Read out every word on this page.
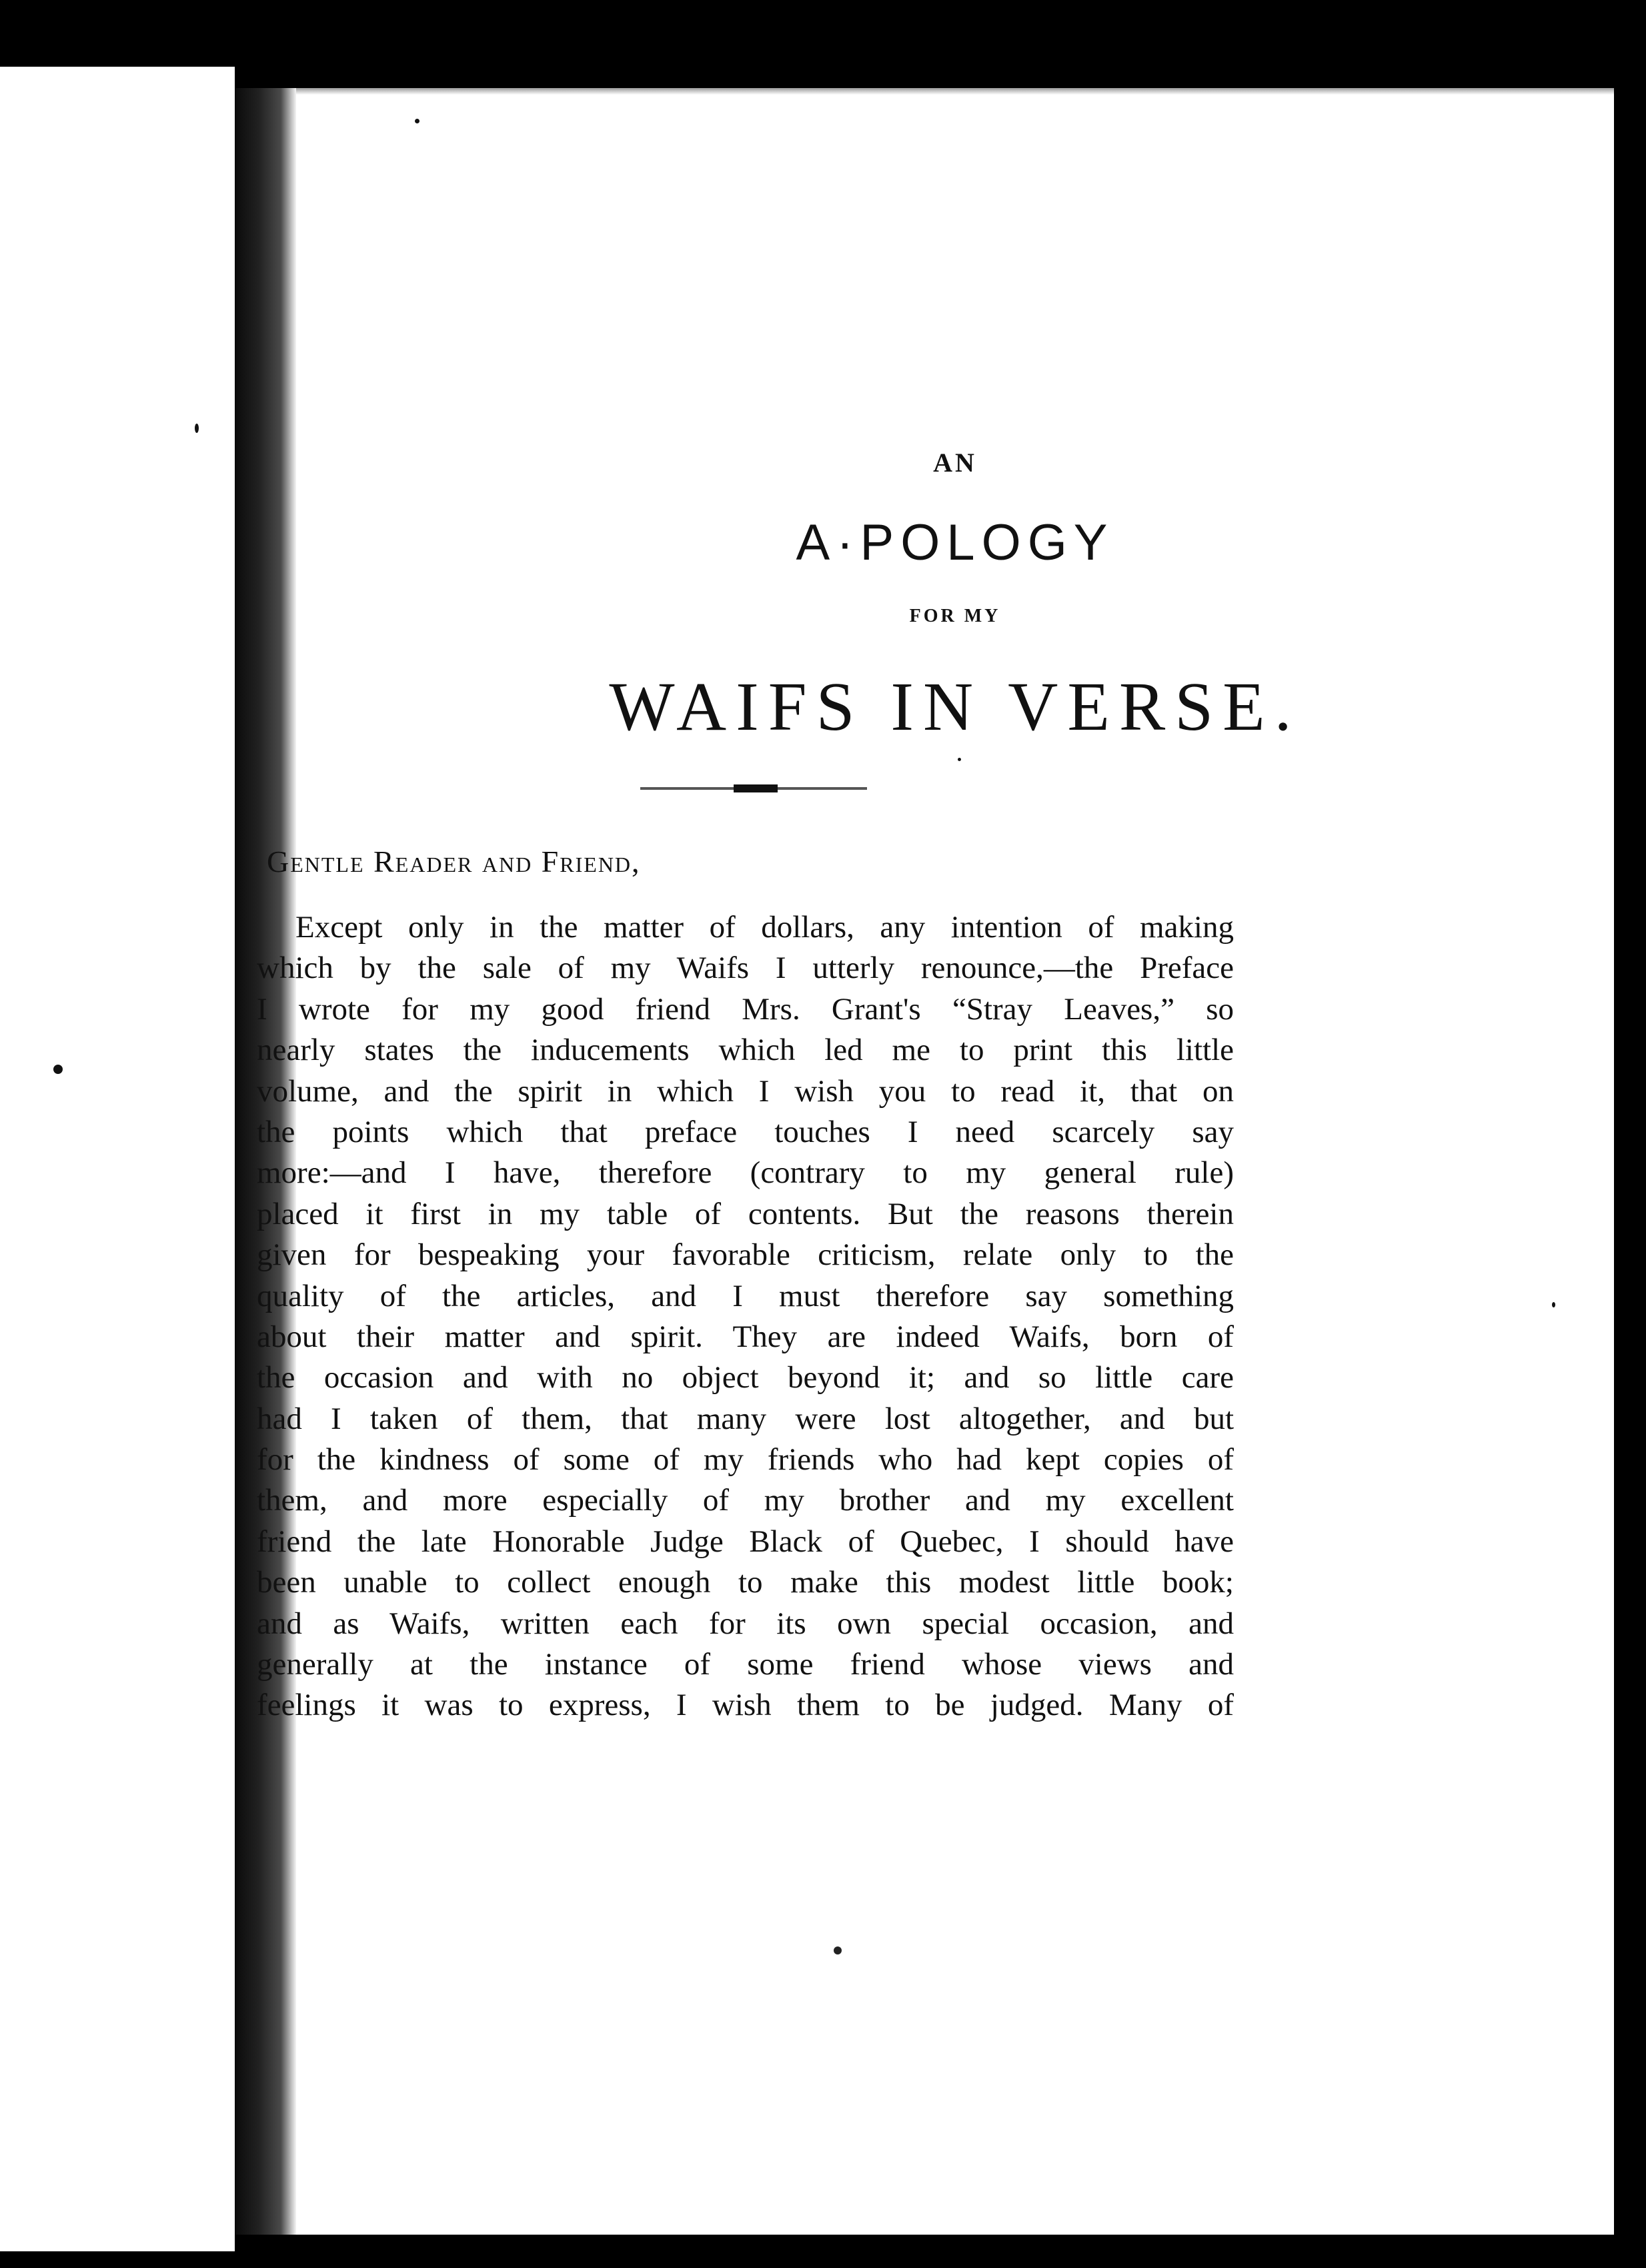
AN
A·POLOGY
FOR MY
WAIFS IN VERSE.
Gentle Reader and Friend,
Except only in the matter of dollars, any intention of making
which by the sale of my Waifs I utterly renounce,—the Preface
I wrote for my good friend Mrs. Grant's “Stray Leaves,” so
nearly states the inducements which led me to print this little
volume, and the spirit in which I wish you to read it, that on
the points which that preface touches I need scarcely say
more:—and I have, therefore (contrary to my general rule)
placed it first in my table of contents. But the reasons therein
given for bespeaking your favorable criticism, relate only to the
quality of the articles, and I must therefore say something
about their matter and spirit. They are indeed Waifs, born of
the occasion and with no object beyond it; and so little care
had I taken of them, that many were lost altogether, and but
for the kindness of some of my friends who had kept copies of
them, and more especially of my brother and my excellent
friend the late Honorable Judge Black of Quebec, I should have
been unable to collect enough to make this modest little book;
and as Waifs, written each for its own special occasion, and
generally at the instance of some friend whose views and
feelings it was to express, I wish them to be judged. Many of
